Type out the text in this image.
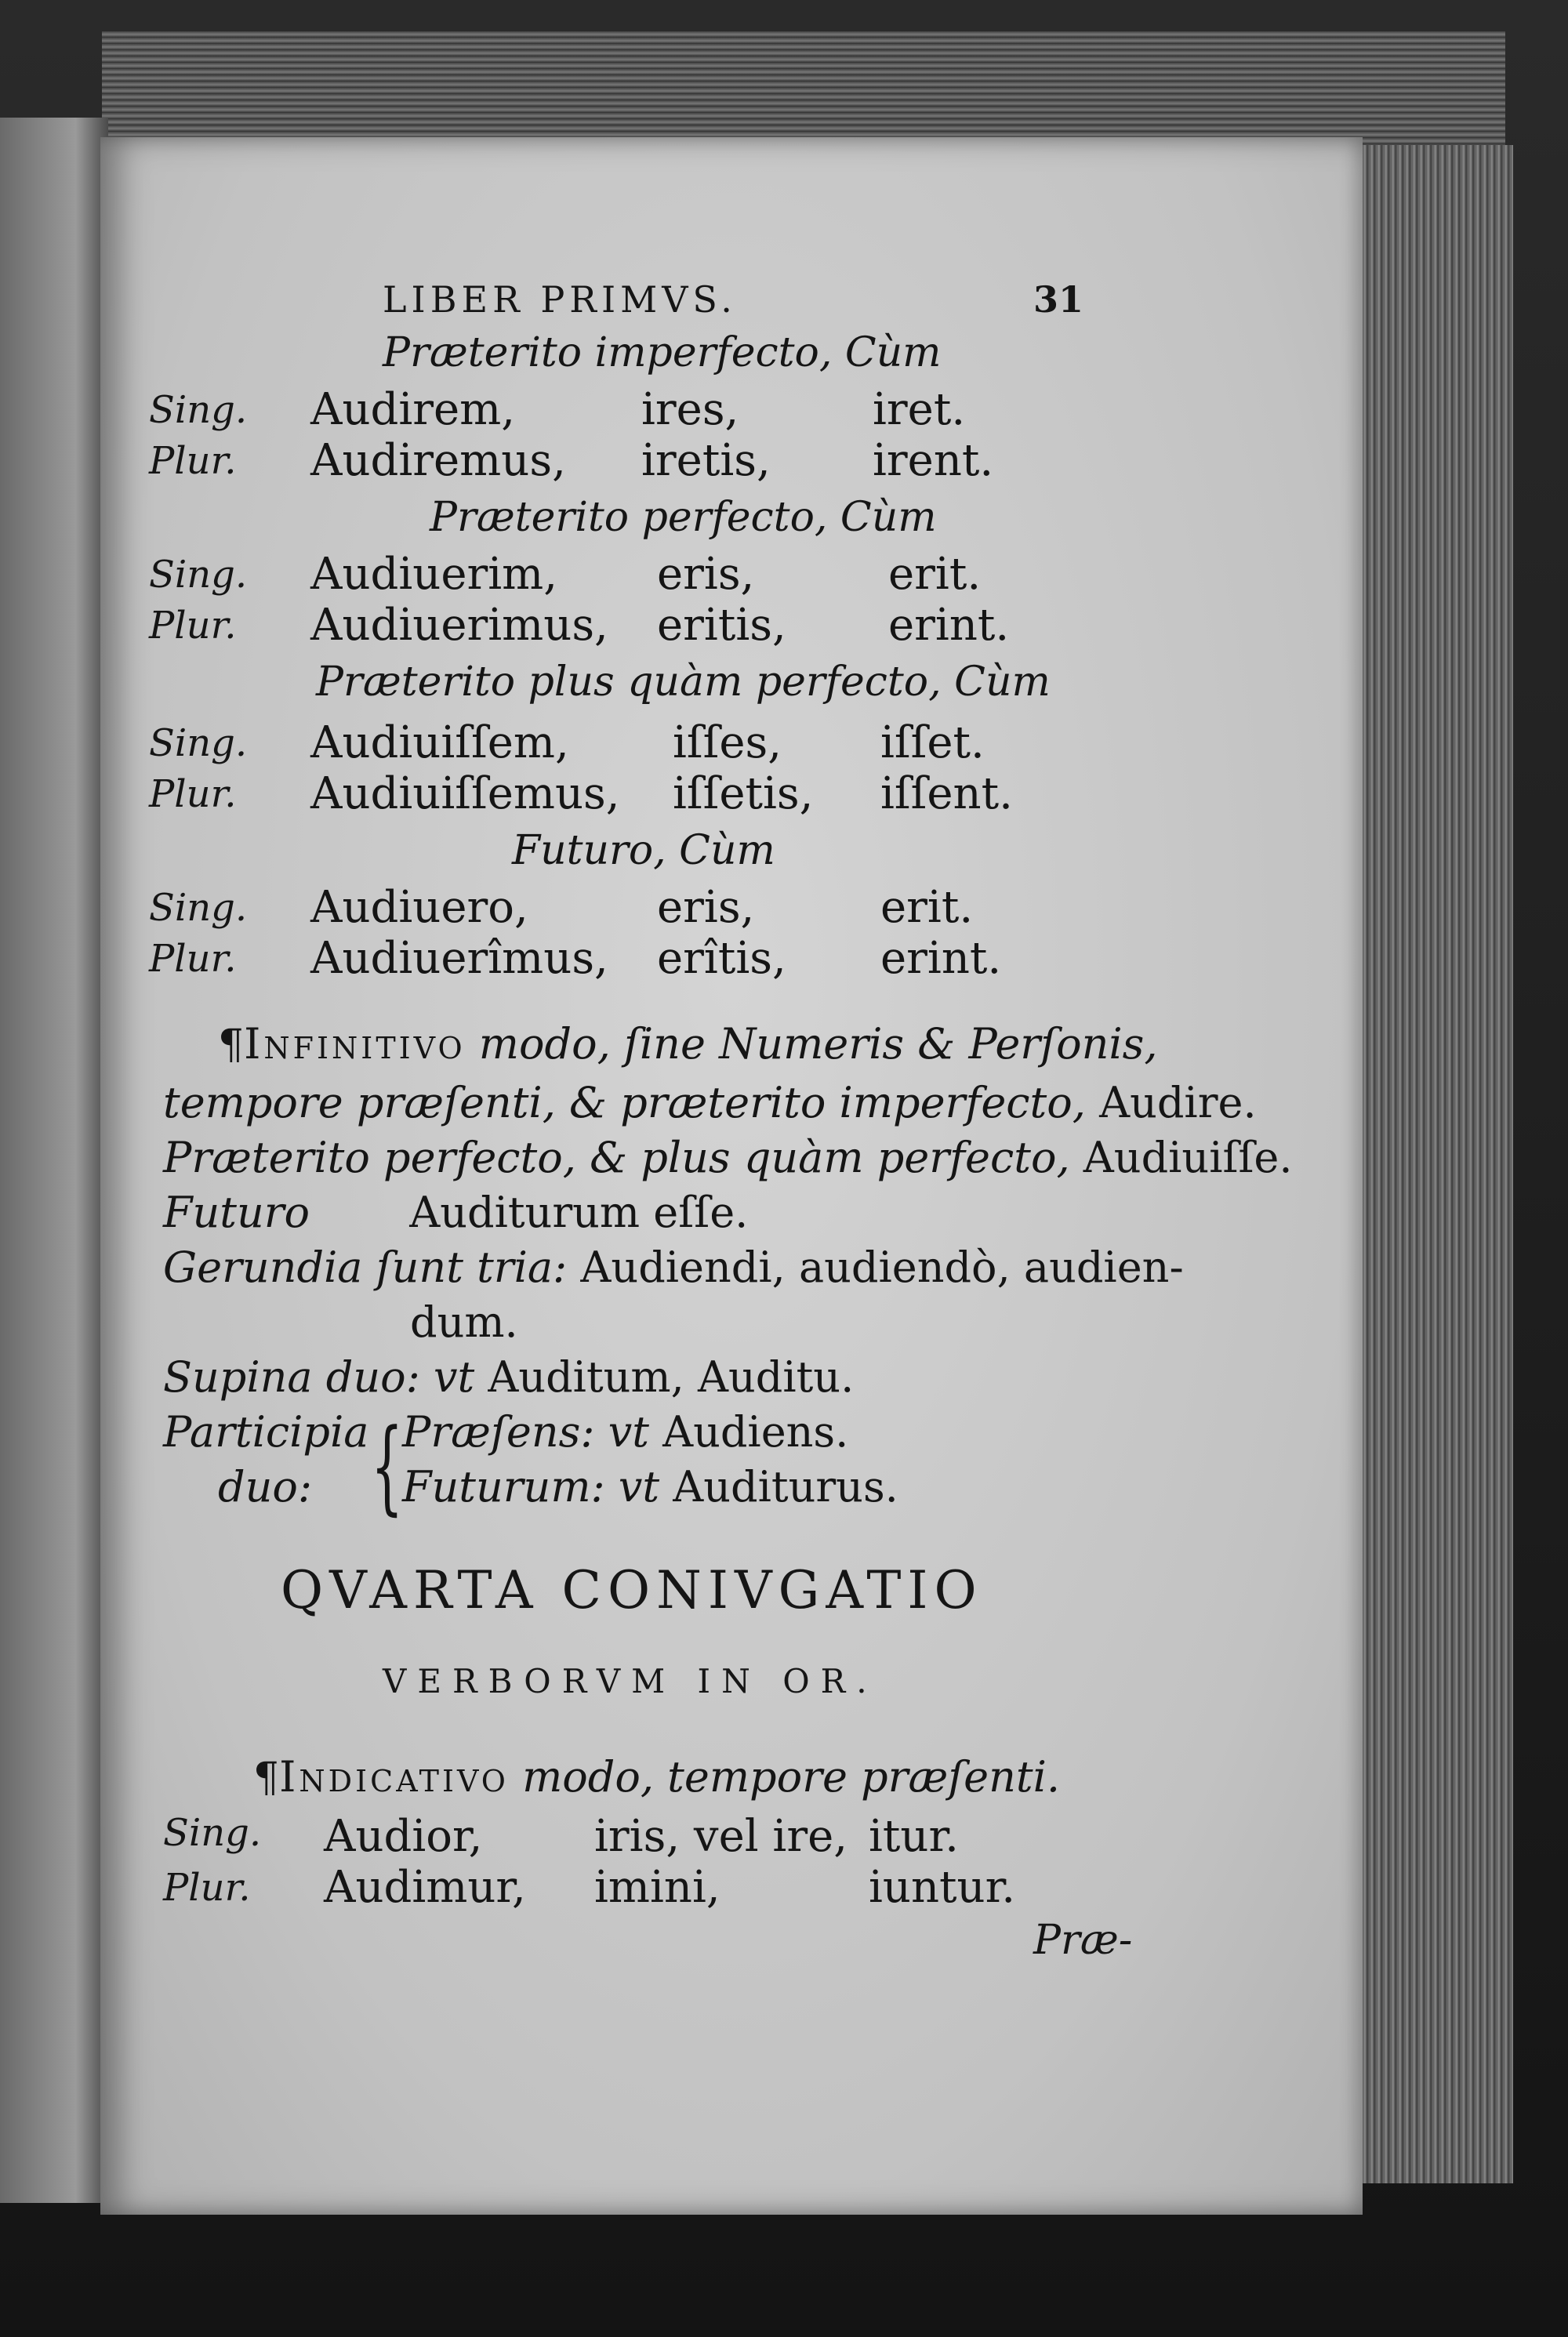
LIBER PRIMVS.	31
Præterito imperfecto, Cùm
Sing. Audirem,	ires,	iret.
Plur. Audiremus, iretis, irent.
Præterito perfecto, Cùm
Sing. Audiuerim, eris,	erit.
Plur. Audiuerimus, eritis, erint.
Præterito plus quàm perfecto, Cùm
Sing. Audiuiſſem, iſſes, iſſet.
Plur. Audiuiſſemus, iſſetis, iſſent.
Futuro, Cùm
Sing. Audiuero,	eris,	erit.
Plur. Audiuerîmus, erîtis, erint.
¶Infinitivo modo, ſine Numeris & Perſonis,
tempore præſenti, & præterito imperfecto, Audire.
Præterito perfecto, & plus quàm perfecto, Audiuiſſe.
Futuro Auditurum eſſe.
Gerundia ſunt tria: Audiendi, audiendò, audien-
dum.
Supina duo: vt Auditum, Auditu.
Participia Præſens: vt Audiens.
{
duo: Futurum: vt Auditurus.
QVARTA CONIVGATIO
VERBORVM IN OR.
¶Indicativo modo, tempore præſenti.
Sing. Audior,	iris, vel ire, itur.
Plur. Audimur, imini,	iuntur.
Præ-
